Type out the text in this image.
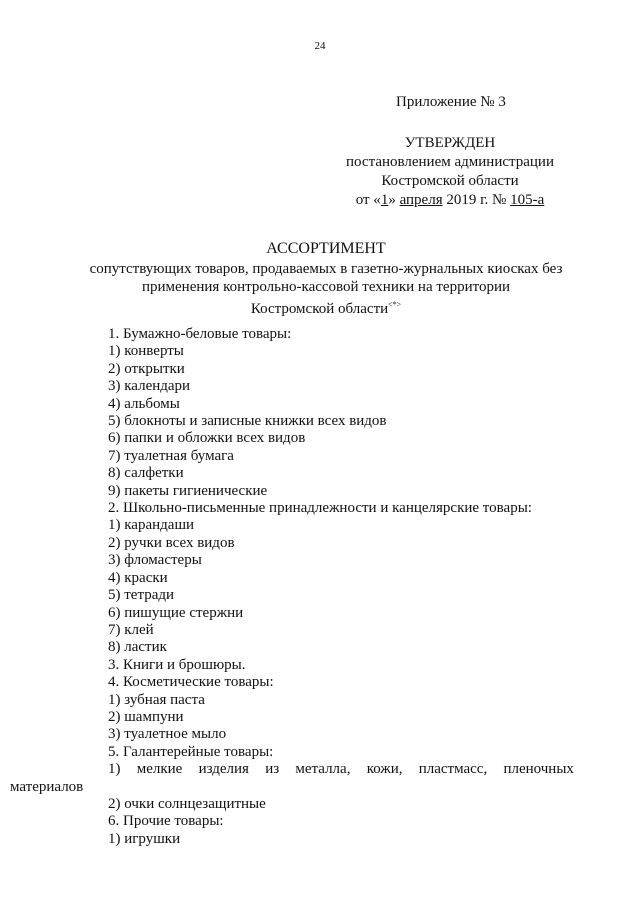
24
Приложение № 3
УТВЕРЖДЕН
постановлением администрации
Костромской области
от «1» апреля 2019 г. № 105-а
АССОРТИМЕНТ
сопутствующих товаров, продаваемых в газетно-журнальных киосках без
применения контрольно-кассовой техники на территории
Костромской области<*>
1. Бумажно-беловые товары:
1) конверты
2) открытки
3) календари
4) альбомы
5) блокноты и записные книжки всех видов
6) папки и обложки всех видов
7) туалетная бумага
8) салфетки
9) пакеты гигиенические
2. Школьно-письменные принадлежности и канцелярские товары:
1) карандаши
2) ручки всех видов
3) фломастеры
4) краски
5) тетради
6) пишущие стержни
7) клей
8) ластик
3. Книги и брошюры.
4. Косметические товары:
1) зубная паста
2) шампуни
3) туалетное мыло
5. Галантерейные товары:
1) мелкие изделия из металла, кожи, пластмасс, пленочных
материалов
2) очки солнцезащитные
6. Прочие товары:
1) игрушки
